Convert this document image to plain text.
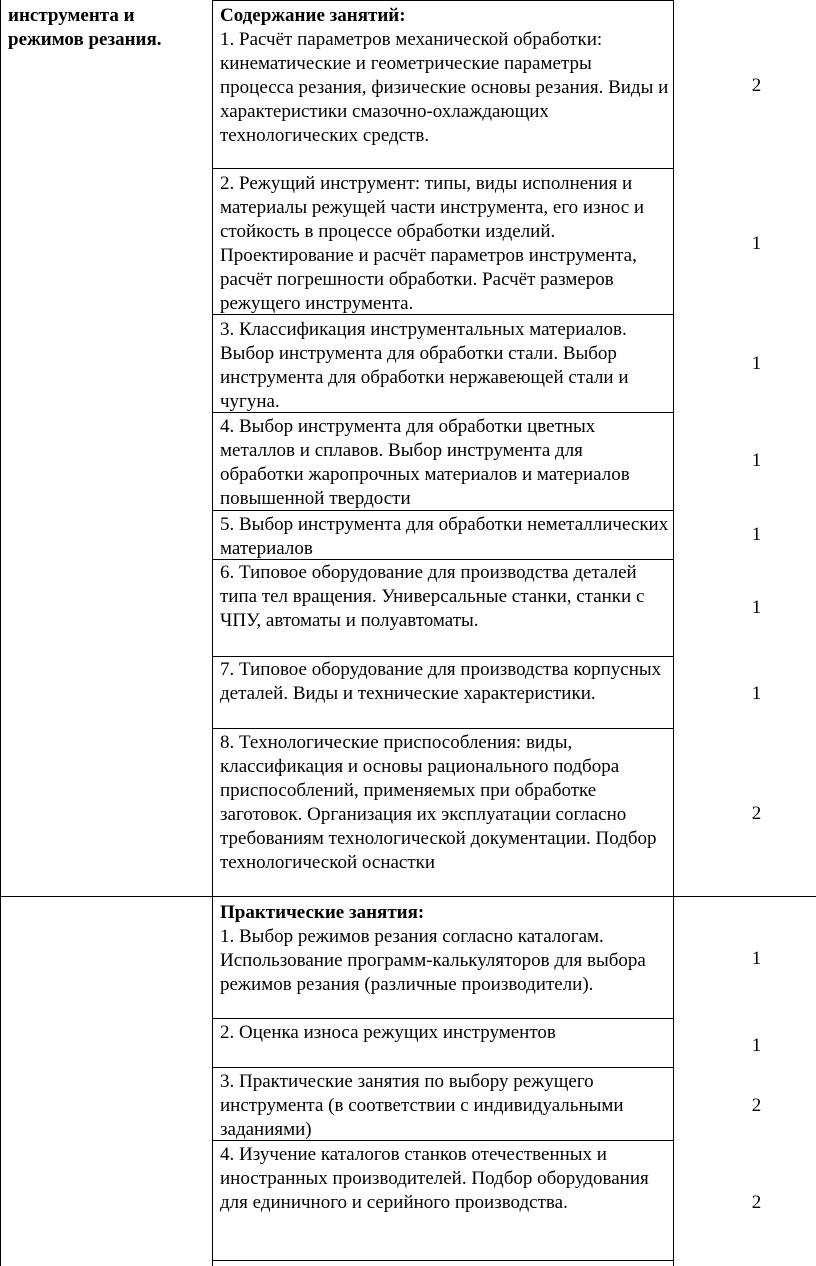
инструмента и режимов резания.
Содержание занятий:
1. Расчёт параметров механической обработки: кинематические и геометрические параметры процесса резания, физические основы резания. Виды и характеристики смазочно-охлаждающих технологических средств.
2
2. Режущий инструмент: типы, виды исполнения и материалы режущей части инструмента, его износ и стойкость в процессе обработки изделий. Проектирование и расчёт параметров инструмента, расчёт погрешности обработки. Расчёт размеров режущего инструмента.
1
3. Классификация инструментальных материалов. Выбор инструмента для обработки стали. Выбор инструмента для обработки нержавеющей стали и чугуна.
1
4. Выбор инструмента для обработки цветных металлов и сплавов. Выбор инструмента для обработки жаропрочных материалов и материалов повышенной твердости
1
5. Выбор инструмента для обработки неметаллических материалов
1
6. Типовое оборудование для производства деталей типа тел вращения. Универсальные станки, станки с ЧПУ, автоматы и полуавтоматы.
1
7. Типовое оборудование для производства корпусных деталей. Виды и технические характеристики.	1
8. Технологические приспособления: виды, классификация и основы рационального подбора приспособлений, применяемых при обработке заготовок. Организация их эксплуатации согласно требованиям технологической документации. Подбор технологической оснастки
2
Практические занятия:
1. Выбор режимов резания согласно каталогам. Использование программ-калькуляторов для выбора режимов резания (различные производители).
1
2. Оценка износа режущих инструментов
1
3. Практические занятия по выбору режущего инструмента (в соответствии с индивидуальными заданиями)
2
4. Изучение каталогов станков отечественных и иностранных производителей. Подбор оборудования для единичного и серийного производства.	2
